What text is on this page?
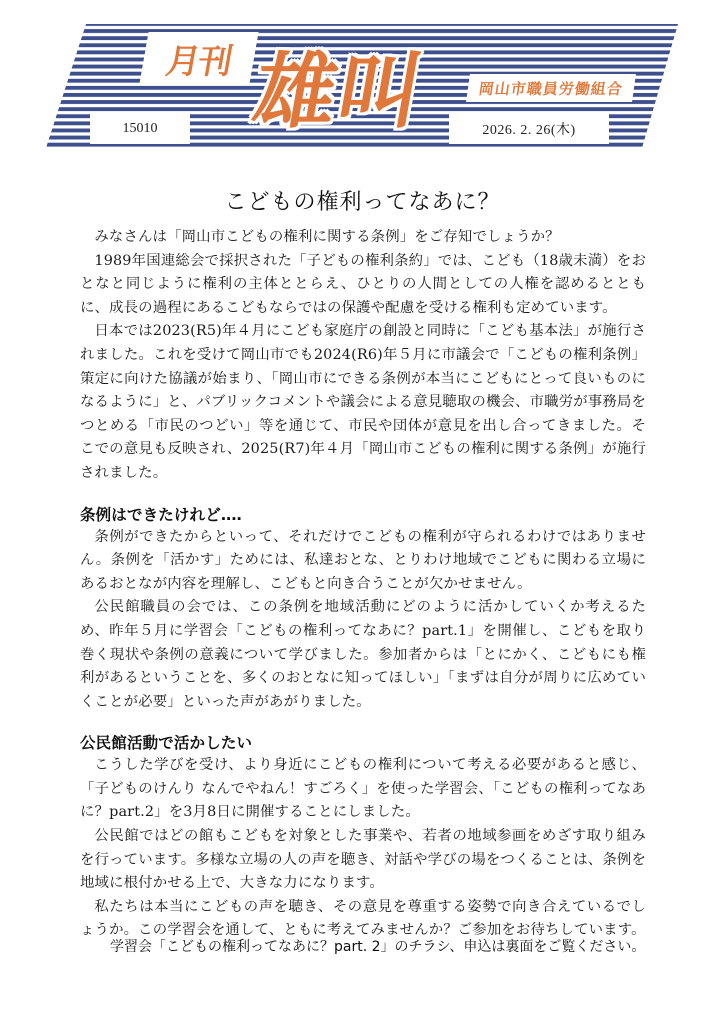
月刊 雄叫	岡山市職員労働組合
15010	2026. 2. 26(木)
こどもの権利ってなあに？

みなさんは「岡山市こどもの権利に関する条例」をご存知でしょうか？

1989年国連総会で採択された「子どもの権利条約」では、こども（18歳未満）をおとなと同じように権利の主体ととらえ、ひとりの人間としての人権を認めるとともに、成長の過程にあるこどもならではの保護や配慮を受ける権利も定めています。

日本では2023(R5)年４月にこども家庭庁の創設と同時に「こども基本法」が施行されました。これを受けて岡山市でも2024(R6)年５月に市議会で「こどもの権利条例」策定に向けた協議が始まり、「岡山市にできる条例が本当にこどもにとって良いものになるように」と、パブリックコメントや議会による意見聴取の機会、市職労が事務局をつとめる「市民のつどい」等を通じて、市民や団体が意見を出し合ってきました。そこでの意見も反映され、2025(R7)年４月「岡山市こどもの権利に関する条例」が施行されました。

条例はできたけれど‥‥

条例ができたからといって、それだけでこどもの権利が守られるわけではありません。条例を「活かす」ためには、私達おとな、とりわけ地域でこどもに関わる立場にあるおとなが内容を理解し、こどもと向き合うことが欠かせません。

公民館職員の会では、この条例を地域活動にどのように活かしていくか考えるため、昨年５月に学習会「こどもの権利ってなあに？part.1」を開催し、こどもを取り巻く現状や条例の意義について学びました。参加者からは「とにかく、こどもにも権利があるということを、多くのおとなに知ってほしい」「まずは自分が周りに広めていくことが必要」といった声があがりました。

公民館活動で活かしたい

こうした学びを受け、より身近にこどもの権利について考える必要があると感じ、「子どものけんり なんでやねん！すごろく」を使った学習会、「こどもの権利ってなあに？part.2」を3月8日に開催することにしました。

公民館ではどの館もこどもを対象とした事業や、若者の地域参画をめざす取り組みを行っています。多様な立場の人の声を聴き、対話や学びの場をつくることは、条例を地域に根付かせる上で、大きな力になります。

私たちは本当にこどもの声を聴き、その意見を尊重する姿勢で向き合えているでしょうか。この学習会を通して、ともに考えてみませんか？ご参加をお待ちしています。

学習会「こどもの権利ってなあに？part. 2」のチラシ、申込は裏面をご覧ください。
